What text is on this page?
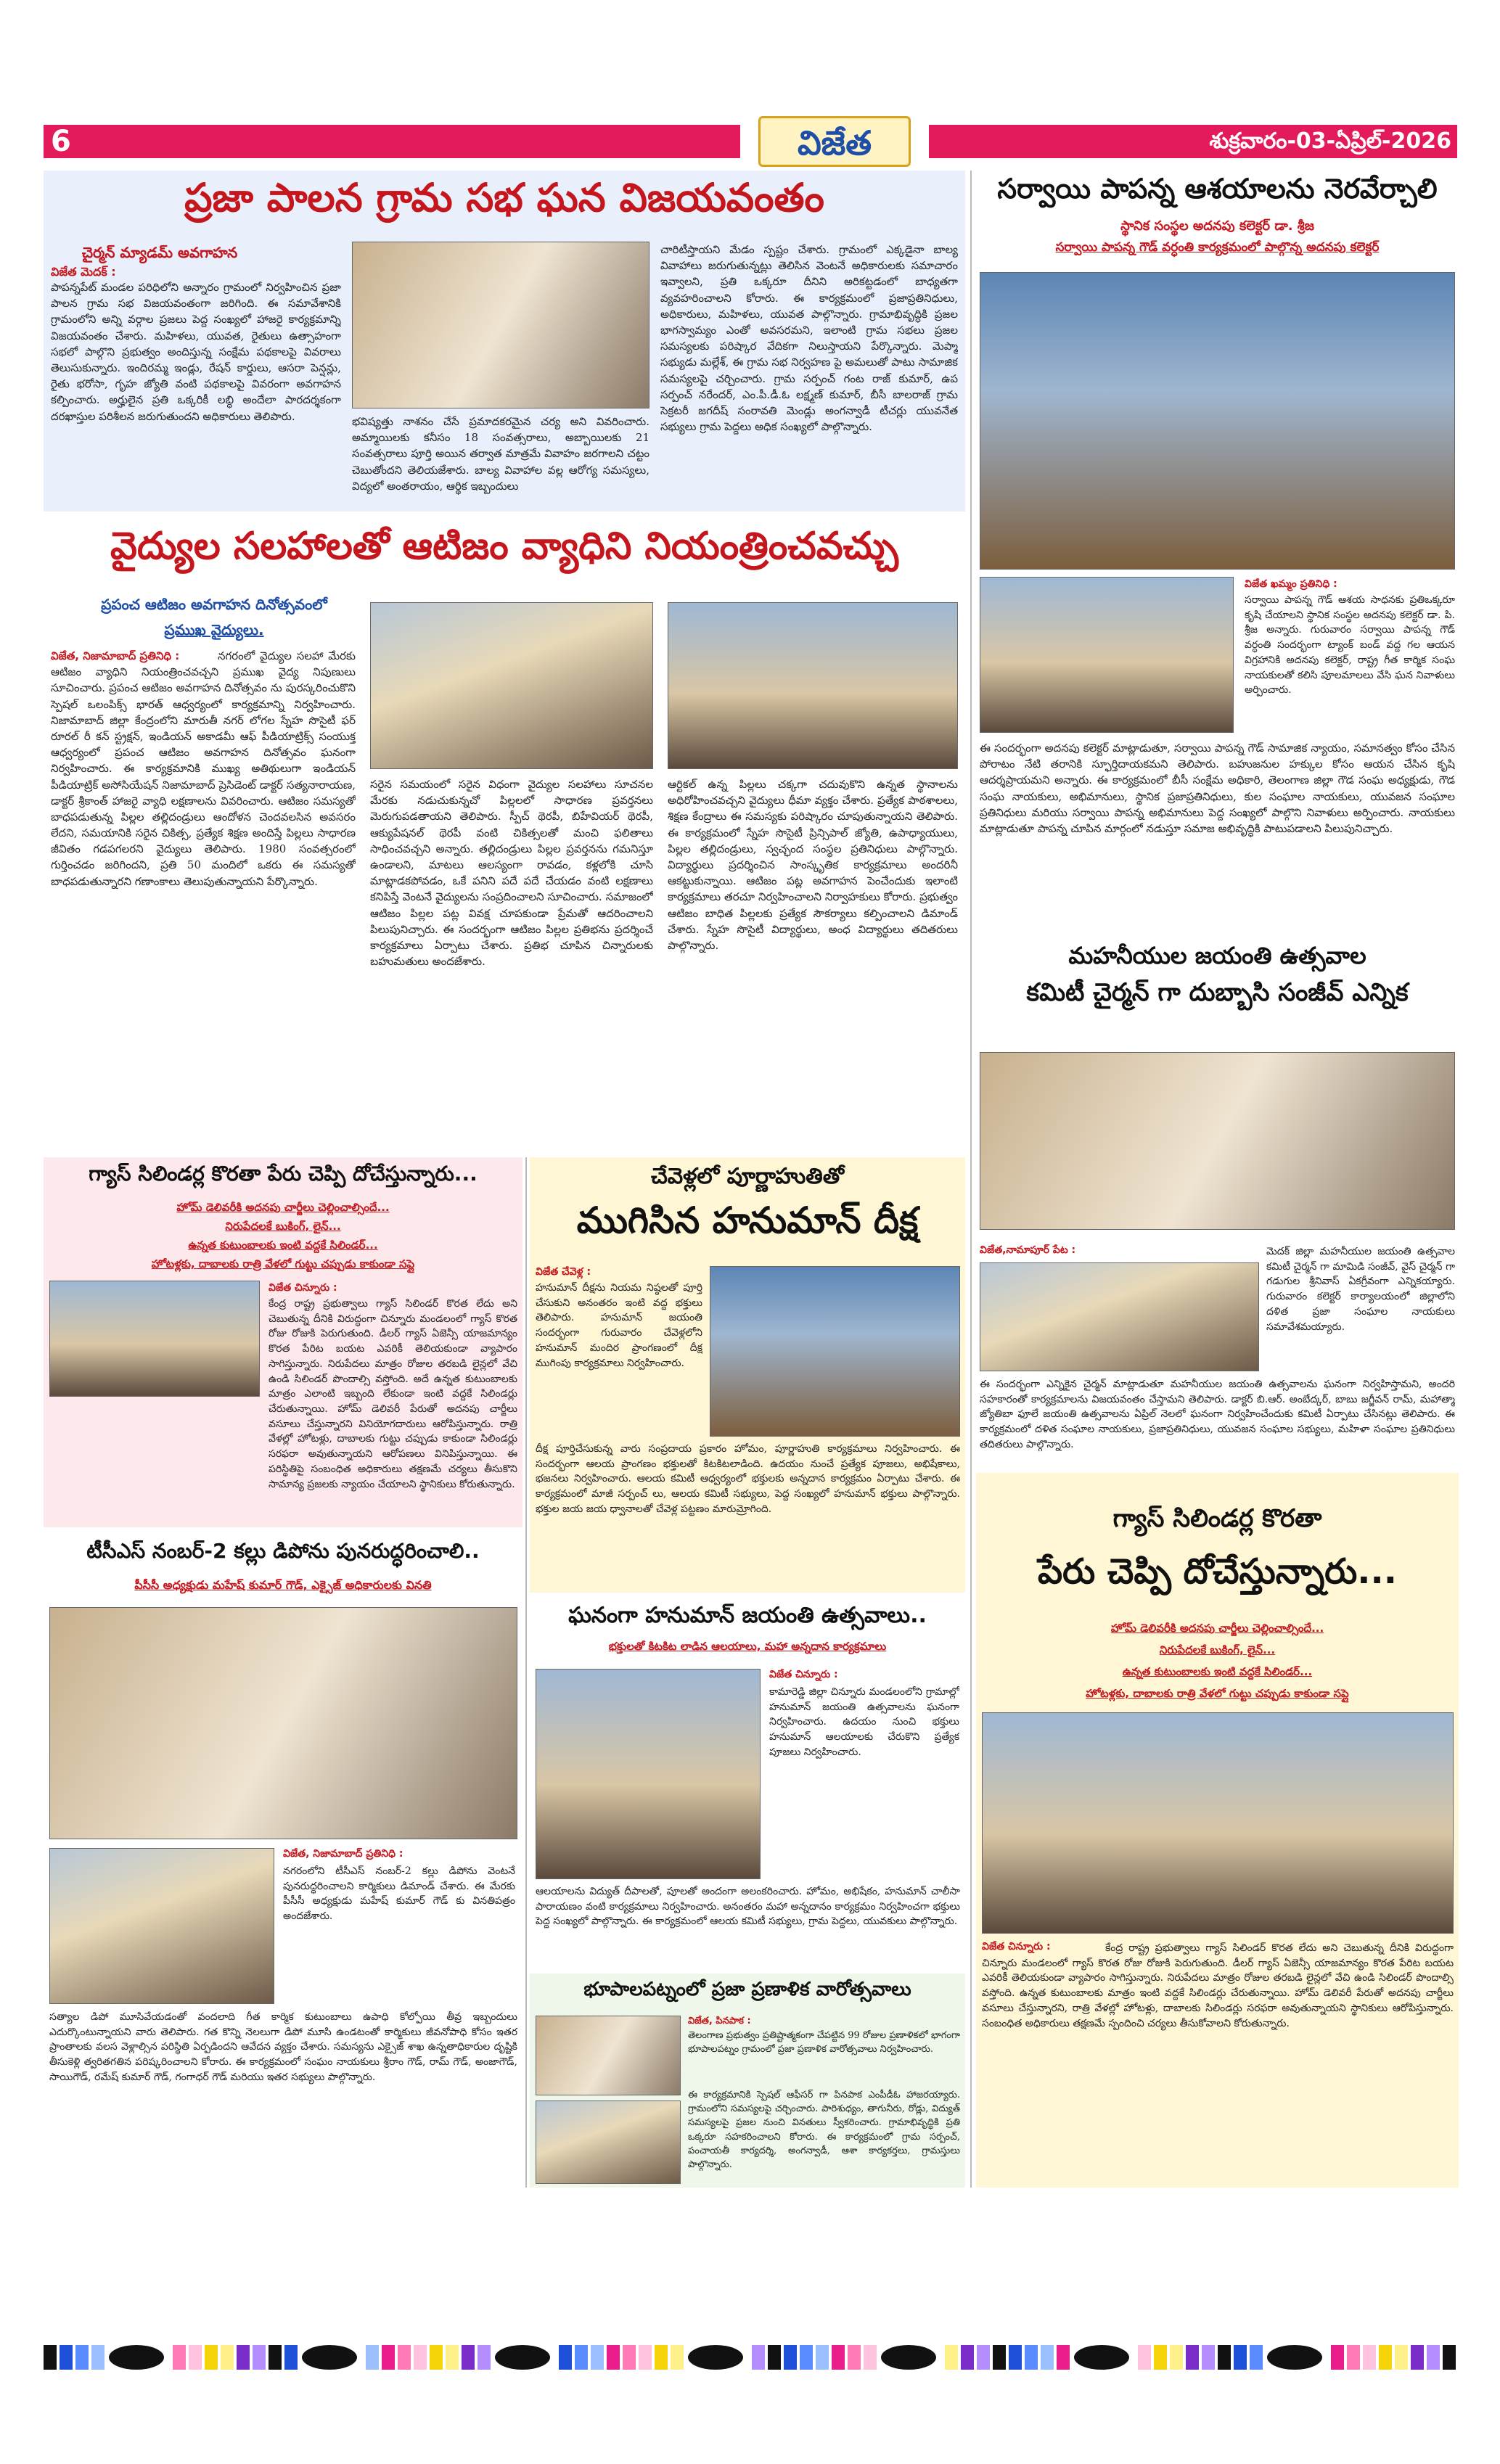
6	విజేత	శుక్రవారం-03-ఏప్రిల్-2026
ప్రజా పాలన గ్రామ సభ ఘన విజయవంతం
చైర్మన్ మ్యాడమ్ అవగాహన
విజేత మెదక్ :
పాపన్నపేట్ మండల పరిధిలోని అన్నారం గ్రామంలో నిర్వహించిన ప్రజా పాలన గ్రామ సభ విజయవంతంగా జరిగింది. ఈ సమావేశానికి గ్రామంలోని అన్ని వర్గాల ప్రజలు పెద్ద సంఖ్యలో హాజరై కార్యక్రమాన్ని విజయవంతం చేశారు. మహిళలు, యువత, రైతులు ఉత్సాహంగా సభలో పాల్గొని ప్రభుత్వం అందిస్తున్న సంక్షేమ పథకాలపై వివరాలు తెలుసుకున్నారు. ఇందిరమ్మ ఇండ్లు, రేషన్ కార్డులు, ఆసరా పెన్షన్లు, రైతు భరోసా, గృహ జ్యోతి వంటి పథకాలపై వివరంగా అవగాహన కల్పించారు. అర్హులైన ప్రతి ఒక్కరికీ లబ్ధి అందేలా పారదర్శకంగా దరఖాస్తుల పరిశీలన జరుగుతుందని అధికారులు తెలిపారు.	భవిష్యత్తు నాశనం చేసే ప్రమాదకరమైన చర్య అని వివరించారు. అమ్మాయిలకు కనీసం 18 సంవత్సరాలు, అబ్బాయిలకు 21 సంవత్సరాలు పూర్తి అయిన తర్వాత మాత్రమే వివాహం జరగాలని చట్టం చెబుతోందని తెలియజేశారు. బాల్య వివాహాల వల్ల ఆరోగ్య సమస్యలు, విద్యలో అంతరాయం, ఆర్థిక ఇబ్బందులు
చారిటీస్తాయని మేడం స్పష్టం చేశారు. గ్రామంలో ఎక్కడైనా బాల్య వివాహాలు జరుగుతున్నట్లు తెలిసిన వెంటనే అధికారులకు సమాచారం ఇవ్వాలని, ప్రతి ఒక్కరూ దీనిని అరికట్టడంలో బాధ్యతగా వ్యవహరించాలని కోరారు. ఈ కార్యక్రమంలో ప్రజాప్రతినిధులు, అధికారులు, మహిళలు, యువత పాల్గొన్నారు. గ్రామాభివృద్ధికి ప్రజల భాగస్వామ్యం ఎంతో అవసరమని, ఇలాంటి గ్రామ సభలు ప్రజల సమస్యలకు పరిష్కార వేదికగా నిలుస్తాయని పేర్కొన్నారు. మెప్మా సభ్యుడు మల్లేశ్, ఈ గ్రామ సభ నిర్వహణ పై అమలుతో పాటు సామాజిక సమస్యలపై చర్చించారు. గ్రామ సర్పంచ్ గంట రాజ్ కుమార్, ఉప సర్పంచ్ నరేందర్, ఎం.పీ.డీ.ఓ లక్ష్మణ్ కుమార్, బీసీ బాలరాజ్ గ్రామ సెక్రటరీ జగదీష్ సంరావతి మెండ్లు అంగన్వాడీ టీచర్లు యువనేత సభ్యులు గ్రామ పెద్దలు అధిక సంఖ్యలో పాల్గొన్నారు.
వైద్యుల సలహాలతో ఆటిజం వ్యాధిని నియంత్రించవచ్చు
ప్రపంచ ఆటిజం అవగాహన దినోత్సవంలో
ప్రముఖ వైద్యులు.
విజేత, నిజామాబాద్ ప్రతినిధి :	నగరంలో వైద్యుల సలహా మేరకు ఆటిజం వ్యాధిని నియంత్రించవచ్చని ప్రముఖ వైద్య నిపుణులు సూచించారు. ప్రపంచ ఆటిజం అవగాహన దినోత్సవం ను పురస్కరించుకొని స్పెషల్ ఒలంపిక్స్ భారత్ ఆధ్వర్యంలో కార్యక్రమాన్ని నిర్వహించారు. నిజామాబాద్ జిల్లా కేంద్రంలోని మారుతీ నగర్ లోగల స్నేహ సొసైటీ ఫర్ రూరల్ రీ కన్ స్ట్రక్షన్, ఇండియన్ అకాడమీ ఆఫ్ పీడియాట్రిక్స్ సంయుక్త ఆధ్వర్యంలో ప్రపంచ ఆటిజం అవగాహన దినోత్సవం ఘనంగా నిర్వహించారు. ఈ కార్యక్రమానికి ముఖ్య అతిథులుగా ఇండియన్ పీడియాట్రిక్ అసోసియేషన్ నిజామాబాద్ ప్రెసిడెంట్ డాక్టర్ సత్యనారాయణ, డాక్టర్ శ్రీకాంత్ హాజరై వ్యాధి లక్షణాలను వివరించారు. ఆటిజం సమస్యతో బాధపడుతున్న పిల్లల తల్లిదండ్రులు ఆందోళన చెందవలసిన అవసరం లేదని, సమయానికి సరైన చికిత్స, ప్రత్యేక శిక్షణ అందిస్తే పిల్లలు సాధారణ జీవితం గడపగలరని వైద్యులు తెలిపారు. 1980 సంవత్సరంలో గుర్తించడం జరిగిందని, ప్రతి 50 మందిలో ఒకరు ఈ సమస్యతో బాధపడుతున్నారని గణాంకాలు తెలుపుతున్నాయని పేర్కొన్నారు.
సరైన సమయంలో సరైన విధంగా వైద్యుల సలహాలు సూచనల మేరకు నడుచుకున్నచో పిల్లలలో సాధారణ ప్రవర్తనలు మెరుగుపడతాయని తెలిపారు. స్పీచ్ థెరపీ, బిహేవియర్ థెరపీ, ఆక్యుపేషనల్ థెరపీ వంటి చికిత్సలతో మంచి ఫలితాలు సాధించవచ్చని అన్నారు. తల్లిదండ్రులు పిల్లల ప్రవర్తనను గమనిస్తూ ఉండాలని, మాటలు ఆలస్యంగా రావడం, కళ్లలోకి చూసి మాట్లాడకపోవడం, ఒకే పనిని పదే పదే చేయడం వంటి లక్షణాలు కనిపిస్తే వెంటనే వైద్యులను సంప్రదించాలని సూచించారు. సమాజంలో ఆటిజం పిల్లల పట్ల వివక్ష చూపకుండా ప్రేమతో ఆదరించాలని పిలుపునిచ్చారు. ఈ సందర్భంగా ఆటిజం పిల్లల ప్రతిభను ప్రదర్శించే కార్యక్రమాలు ఏర్పాటు చేశారు. ప్రతిభ చూపిన చిన్నారులకు బహుమతులు అందజేశారు.
ఆర్టికల్ ఉన్న పిల్లలు చక్కగా చదువుకొని ఉన్నత స్థానాలను అధిరోహించవచ్చని వైద్యులు ధీమా వ్యక్తం చేశారు. ప్రత్యేక పాఠశాలలు, శిక్షణ కేంద్రాలు ఈ సమస్యకు పరిష్కారం చూపుతున్నాయని తెలిపారు. ఈ కార్యక్రమంలో స్నేహ సొసైటీ ప్రిన్సిపాల్ జ్యోతి, ఉపాధ్యాయులు, పిల్లల తల్లిదండ్రులు, స్వచ్ఛంద సంస్థల ప్రతినిధులు పాల్గొన్నారు. విద్యార్థులు ప్రదర్శించిన సాంస్కృతిక కార్యక్రమాలు అందరినీ ఆకట్టుకున్నాయి. ఆటిజం పట్ల అవగాహన పెంచేందుకు ఇలాంటి కార్యక్రమాలు తరచూ నిర్వహించాలని నిర్వాహకులు కోరారు. ప్రభుత్వం ఆటిజం బాధిత పిల్లలకు ప్రత్యేక సౌకర్యాలు కల్పించాలని డిమాండ్ చేశారు. స్నేహ సొసైటీ విద్యార్థులు, అంధ విద్యార్థులు తదితరులు పాల్గొన్నారు.
సర్వాయి పాపన్న ఆశయాలను నెరవేర్చాలి
స్థానిక సంస్థల అదనపు కలెక్టర్ డా. శ్రీజ
సర్వాయి పాపన్న గౌడ్ వర్ధంతి కార్యక్రమంలో పాల్గొన్న అదనపు కలెక్టర్
విజేత ఖమ్మం ప్రతినిధి :
సర్వాయి పాపన్న గౌడ్ ఆశయ సాధనకు ప్రతిఒక్కరూ కృషి చేయాలని స్థానిక సంస్థల అదనపు కలెక్టర్ డా. పి. శ్రీజ అన్నారు. గురువారం సర్వాయి పాపన్న గౌడ్ వర్ధంతి సందర్భంగా ట్యాంక్ బండ్ వద్ద గల ఆయన విగ్రహానికి అదనపు కలెక్టర్, రాష్ట్ర గీత కార్మిక సంఘ నాయకులతో కలిసి పూలమాలలు వేసి ఘన నివాళులు అర్పించారు.
ఈ సందర్భంగా అదనపు కలెక్టర్ మాట్లాడుతూ, సర్వాయి పాపన్న గౌడ్ సామాజిక న్యాయం, సమానత్వం కోసం చేసిన పోరాటం నేటి తరానికి స్ఫూర్తిదాయకమని తెలిపారు. బహుజనుల హక్కుల కోసం ఆయన చేసిన కృషి ఆదర్శప్రాయమని అన్నారు. ఈ కార్యక్రమంలో బీసీ సంక్షేమ అధికారి, తెలంగాణ జిల్లా గౌడ సంఘ అధ్యక్షుడు, గౌడ సంఘ నాయకులు, అభిమానులు, స్థానిక ప్రజాప్రతినిధులు, కుల సంఘాల నాయకులు, యువజన సంఘాల ప్రతినిధులు మరియు సర్వాయి పాపన్న అభిమానులు పెద్ద సంఖ్యలో పాల్గొని నివాళులు అర్పించారు. నాయకులు మాట్లాడుతూ పాపన్న చూపిన మార్గంలో నడుస్తూ సమాజ అభివృద్ధికి పాటుపడాలని పిలుపునిచ్చారు.
మహనీయుల జయంతి ఉత్సవాల
కమిటీ చైర్మన్ గా దుబ్బాసి సంజీవ్ ఎన్నిక
విజేత,నామాపూర్ పేట :	మెదక్ జిల్లా మహనీయుల జయంతి ఉత్సవాల కమిటీ చైర్మన్ గా మామిడి సంజీవ్, వైస్ చైర్మన్ గా గడుగుల శ్రీనివాస్ ఏకగ్రీవంగా ఎన్నికయ్యారు. గురువారం కలెక్టర్ కార్యాలయంలో జిల్లాలోని దళిత ప్రజా సంఘాల నాయకులు సమావేశమయ్యారు.
ఈ సందర్భంగా ఎన్నికైన చైర్మన్ మాట్లాడుతూ మహనీయుల జయంతి ఉత్సవాలను ఘనంగా నిర్వహిస్తామని, అందరి సహకారంతో కార్యక్రమాలను విజయవంతం చేస్తామని తెలిపారు. డాక్టర్ బి.ఆర్. అంబేద్కర్, బాబు జగ్జీవన్ రామ్, మహాత్మా జ్యోతిబా ఫూలే జయంతి ఉత్సవాలను ఏప్రిల్ నెలలో ఘనంగా నిర్వహించేందుకు కమిటీ ఏర్పాటు చేసినట్లు తెలిపారు. ఈ కార్యక్రమంలో దళిత సంఘాల నాయకులు, ప్రజాప్రతినిధులు, యువజన సంఘాల సభ్యులు, మహిళా సంఘాల ప్రతినిధులు తదితరులు పాల్గొన్నారు.
గ్యాస్ సిలిండర్ల కొరతా పేరు చెప్పి దోచేస్తున్నారు...
హోమ్ డెలివరీకి అదనపు చార్జీలు చెల్లించాల్సిందే...
నిరుపేదలకే బుకింగ్, లైన్...
ఉన్నత కుటుంబాలకు ఇంటి వద్దకే సిలిండర్...
హోటళ్లకు, దాబాలకు రాత్రి వేళలో గుట్టు చప్పుడు కాకుండా సప్లై
విజేత చిన్నూరు :
కేంద్ర రాష్ట్ర ప్రభుత్వాలు గ్యాస్ సిలిండర్ కొరత లేదు అని చెబుతున్న దీనికి విరుద్ధంగా చిన్నూరు మండలంలో గ్యాస్ కొరత రోజు రోజుకి పెరుగుతుంది. డీలర్ గ్యాస్ ఏజెన్సీ యాజమాన్యం కొరత పేరిట బయట ఎవరికీ తెలియకుండా వ్యాపారం సాగిస్తున్నారు. నిరుపేదలు మాత్రం రోజుల తరబడి లైన్లలో వేచి ఉండి సిలిండర్ పొందాల్సి వస్తోంది. అదే ఉన్నత కుటుంబాలకు మాత్రం ఎలాంటి ఇబ్బంది లేకుండా ఇంటి వద్దకే సిలిండర్లు చేరుతున్నాయి. హోమ్ డెలివరీ పేరుతో అదనపు చార్జీలు వసూలు చేస్తున్నారని వినియోగదారులు ఆరోపిస్తున్నారు. రాత్రి వేళల్లో హోటళ్లు, దాబాలకు గుట్టు చప్పుడు కాకుండా సిలిండర్లు సరఫరా అవుతున్నాయని ఆరోపణలు వినిపిస్తున్నాయి. ఈ పరిస్థితిపై సంబంధిత అధికారులు తక్షణమే చర్యలు తీసుకొని సామాన్య ప్రజలకు న్యాయం చేయాలని స్థానికులు కోరుతున్నారు.
టీసీఎస్ నంబర్-2 కల్లు డిపోను పునరుద్ధరించాలి..
పీసీసీ అధ్యక్షుడు మహేష్ కుమార్ గౌడ్, ఎక్సైజ్ అధికారులకు వినతి
విజేత, నిజామాబాద్ ప్రతినిధి :
నగరంలోని టీసీఎస్ నంబర్-2 కల్లు డిపోను వెంటనే పునరుద్ధరించాలని కార్మికులు డిమాండ్ చేశారు. ఈ మేరకు పీసీసీ అధ్యక్షుడు మహేష్ కుమార్ గౌడ్ కు వినతిపత్రం అందజేశారు.
సత్యాల డిపో మూసివేయడంతో వందలాది గీత కార్మిక కుటుంబాలు ఉపాధి కోల్పోయి తీవ్ర ఇబ్బందులు ఎదుర్కొంటున్నాయని వారు తెలిపారు. గత కొన్ని నెలలుగా డిపో మూసి ఉండటంతో కార్మికులు జీవనోపాధి కోసం ఇతర ప్రాంతాలకు వలస వెళ్లాల్సిన పరిస్థితి ఏర్పడిందని ఆవేదన వ్యక్తం చేశారు. సమస్యను ఎక్సైజ్ శాఖ ఉన్నతాధికారుల దృష్టికి తీసుకెళ్లి త్వరితగతిన పరిష్కరించాలని కోరారు. ఈ కార్యక్రమంలో సంఘం నాయకులు శ్రీరాం గౌడ్, రామ్ గౌడ్, అంజాగౌడ్, సాయిగౌడ్, రమేష్ కుమార్ గౌడ్, గంగాధర్ గౌడ్ మరియు ఇతర సభ్యులు పాల్గొన్నారు.
చేవెళ్లలో పూర్ణాహుతితో
ముగిసిన హనుమాన్ దీక్ష
విజేత చేవెళ్ల :
హనుమాన్ దీక్షను నియమ నిష్ఠలతో పూర్తి చేసుకుని అనంతరం ఇంటి వద్ద భక్తులు తెలిపారు. హనుమాన్ జయంతి సందర్భంగా గురువారం చేవెళ్లలోని హనుమాన్ మందిర ప్రాంగణంలో దీక్ష ముగింపు కార్యక్రమాలు నిర్వహించారు.
దీక్ష పూర్తిచేసుకున్న వారు సంప్రదాయ ప్రకారం హోమం, పూర్ణాహుతి కార్యక్రమాలు నిర్వహించారు. ఈ సందర్భంగా ఆలయ ప్రాంగణం భక్తులతో కిటకిటలాడింది. ఉదయం నుంచే ప్రత్యేక పూజలు, అభిషేకాలు, భజనలు నిర్వహించారు. ఆలయ కమిటీ ఆధ్వర్యంలో భక్తులకు అన్నదాన కార్యక్రమం ఏర్పాటు చేశారు. ఈ కార్యక్రమంలో మాజీ సర్పంచ్ లు, ఆలయ కమిటీ సభ్యులు, పెద్ద సంఖ్యలో హనుమాన్ భక్తులు పాల్గొన్నారు. భక్తుల జయ జయ ధ్వానాలతో చేవెళ్ల పట్టణం మారుమ్రోగింది.
ఘనంగా హనుమాన్ జయంతి ఉత్సవాలు..
భక్తులతో కిటకిట లాడిన ఆలయాలు, మహా అన్నదాన కార్యక్రమాలు
విజేత చిన్నూరు :
కామారెడ్డి జిల్లా చిన్నూరు మండలంలోని గ్రామాల్లో హనుమాన్ జయంతి ఉత్సవాలను ఘనంగా నిర్వహించారు. ఉదయం నుంచి భక్తులు హనుమాన్ ఆలయాలకు చేరుకొని ప్రత్యేక పూజలు నిర్వహించారు.
ఆలయాలను విద్యుత్ దీపాలతో, పూలతో అందంగా అలంకరించారు. హోమం, అభిషేకం, హనుమాన్ చాలీసా పారాయణం వంటి కార్యక్రమాలు నిర్వహించారు. అనంతరం మహా అన్నదానం కార్యక్రమం నిర్వహించగా భక్తులు పెద్ద సంఖ్యలో పాల్గొన్నారు. ఈ కార్యక్రమంలో ఆలయ కమిటీ సభ్యులు, గ్రామ పెద్దలు, యువకులు పాల్గొన్నారు.
భూపాలపట్నంలో ప్రజా ప్రణాళిక వారోత్సవాలు
విజేత, పినపాక :
తెలంగాణ ప్రభుత్వం ప్రతిష్టాత్మకంగా చేపట్టిన 99 రోజుల ప్రణాళికలో భాగంగా భూపాలపట్నం గ్రామంలో ప్రజా ప్రణాళిక వారోత్సవాలు నిర్వహించారు.
ఈ కార్యక్రమానికి స్పెషల్ ఆఫీసర్ గా పినపాక ఎంపీడీఓ హాజరయ్యారు. గ్రామంలోని సమస్యలపై చర్చించారు. పారిశుధ్యం, తాగునీరు, రోడ్లు, విద్యుత్ సమస్యలపై ప్రజల నుంచి వినతులు స్వీకరించారు. గ్రామాభివృద్ధికి ప్రతి ఒక్కరూ సహకరించాలని కోరారు. ఈ కార్యక్రమంలో గ్రామ సర్పంచ్, పంచాయతీ కార్యదర్శి, అంగన్వాడీ, ఆశా కార్యకర్తలు, గ్రామస్తులు పాల్గొన్నారు.
గ్యాస్ సిలిండర్ల కొరతా
పేరు చెప్పి దోచేస్తున్నారు...
హోమ్ డెలివరీకి అదనపు చార్జీలు చెల్లించాల్సిందే...
నిరుపేదలకే బుకింగ్, లైన్...
ఉన్నత కుటుంబాలకు ఇంటి వద్దకే సిలిండర్...
హోటళ్లకు, దాబాలకు రాత్రి వేళలో గుట్టు చప్పుడు కాకుండా సప్లై
విజేత చిన్నూరు :	కేంద్ర రాష్ట్ర ప్రభుత్వాలు గ్యాస్ సిలిండర్ కొరత లేదు అని చెబుతున్న దీనికి విరుద్ధంగా చిన్నూరు మండలంలో గ్యాస్ కొరత రోజు రోజుకి పెరుగుతుంది. డీలర్ గ్యాస్ ఏజెన్సీ యాజమాన్యం కొరత పేరిట బయట ఎవరికీ తెలియకుండా వ్యాపారం సాగిస్తున్నారు. నిరుపేదలు మాత్రం రోజుల తరబడి లైన్లలో వేచి ఉండి సిలిండర్ పొందాల్సి వస్తోంది. ఉన్నత కుటుంబాలకు మాత్రం ఇంటి వద్దకే సిలిండర్లు చేరుతున్నాయి. హోమ్ డెలివరీ పేరుతో అదనపు చార్జీలు వసూలు చేస్తున్నారని, రాత్రి వేళల్లో హోటళ్లు, దాబాలకు సిలిండర్లు సరఫరా అవుతున్నాయని స్థానికులు ఆరోపిస్తున్నారు. సంబంధిత అధికారులు తక్షణమే స్పందించి చర్యలు తీసుకోవాలని కోరుతున్నారు.
